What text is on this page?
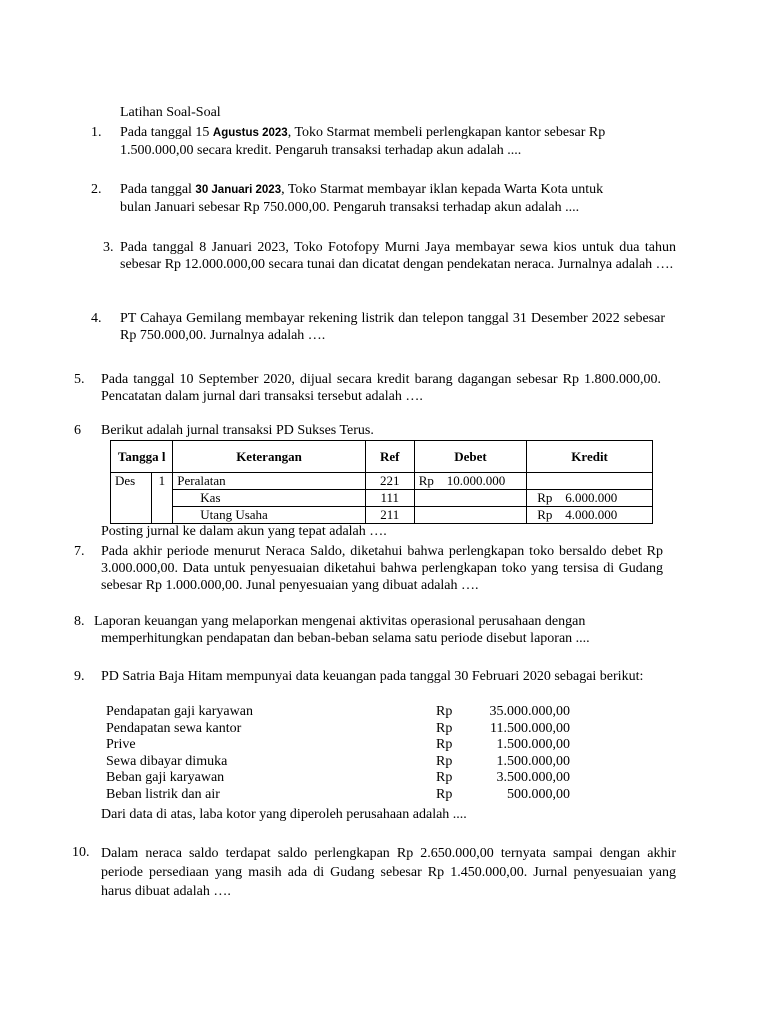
Latihan Soal-Soal
1. Pada tanggal 15 Agustus 2023, Toko Starmat membeli perlengkapan kantor sebesar Rp
1.500.000,00 secara kredit. Pengaruh transaksi terhadap akun adalah ....
2. Pada tanggal 30 Januari 2023, Toko Starmat membayar iklan kepada Warta Kota untuk
bulan Januari sebesar Rp 750.000,00. Pengaruh transaksi terhadap akun adalah ....
3. Pada tanggal 8 Januari 2023, Toko Fotofopy Murni Jaya membayar sewa kios untuk dua tahun sebesar Rp 12.000.000,00 secara tunai dan dicatat dengan pendekatan neraca. Jurnalnya adalah ….
4. PT Cahaya Gemilang membayar rekening listrik dan telepon tanggal 31 Desember 2022 sebesar Rp 750.000,00. Jurnalnya adalah ….
5. Pada tanggal 10 September 2020, dijual secara kredit barang dagangan sebesar Rp 1.800.000,00. Pencatatan dalam jurnal dari transaksi tersebut adalah ….
6 Berikut adalah jurnal transaksi PD Sukses Terus.
Tangga l		Keterangan	Ref	Debet	Kredit
Des	1	Peralatan	221	Rp 10.000.000	
		Kas	111		Rp 6.000.000
		Utang Usaha	211		Rp 4.000.000
Posting jurnal ke dalam akun yang tepat adalah ….
7. Pada akhir periode menurut Neraca Saldo, diketahui bahwa perlengkapan toko bersaldo debet Rp 3.000.000,00. Data untuk penyesuaian diketahui bahwa perlengkapan toko yang tersisa di Gudang sebesar Rp 1.000.000,00. Junal penyesuaian yang dibuat adalah ….
8. Laporan keuangan yang melaporkan mengenai aktivitas operasional perusahaan dengan
memperhitungkan pendapatan dan beban-beban selama satu periode disebut laporan ....
9. PD Satria Baja Hitam mempunyai data keuangan pada tanggal 30 Februari 2020 sebagai berikut:
Pendapatan gaji karyawan	Rp	35.000.000,00
Pendapatan sewa kantor	Rp	11.500.000,00
Prive	Rp	1.500.000,00
Sewa dibayar dimuka	Rp	1.500.000,00
Beban gaji karyawan	Rp	3.500.000,00
Beban listrik dan air	Rp	500.000,00
Dari data di atas, laba kotor yang diperoleh perusahaan adalah ....
10. Dalam neraca saldo terdapat saldo perlengkapan Rp 2.650.000,00 ternyata sampai dengan akhir periode persediaan yang masih ada di Gudang sebesar Rp 1.450.000,00. Jurnal penyesuaian yang harus dibuat adalah ….
